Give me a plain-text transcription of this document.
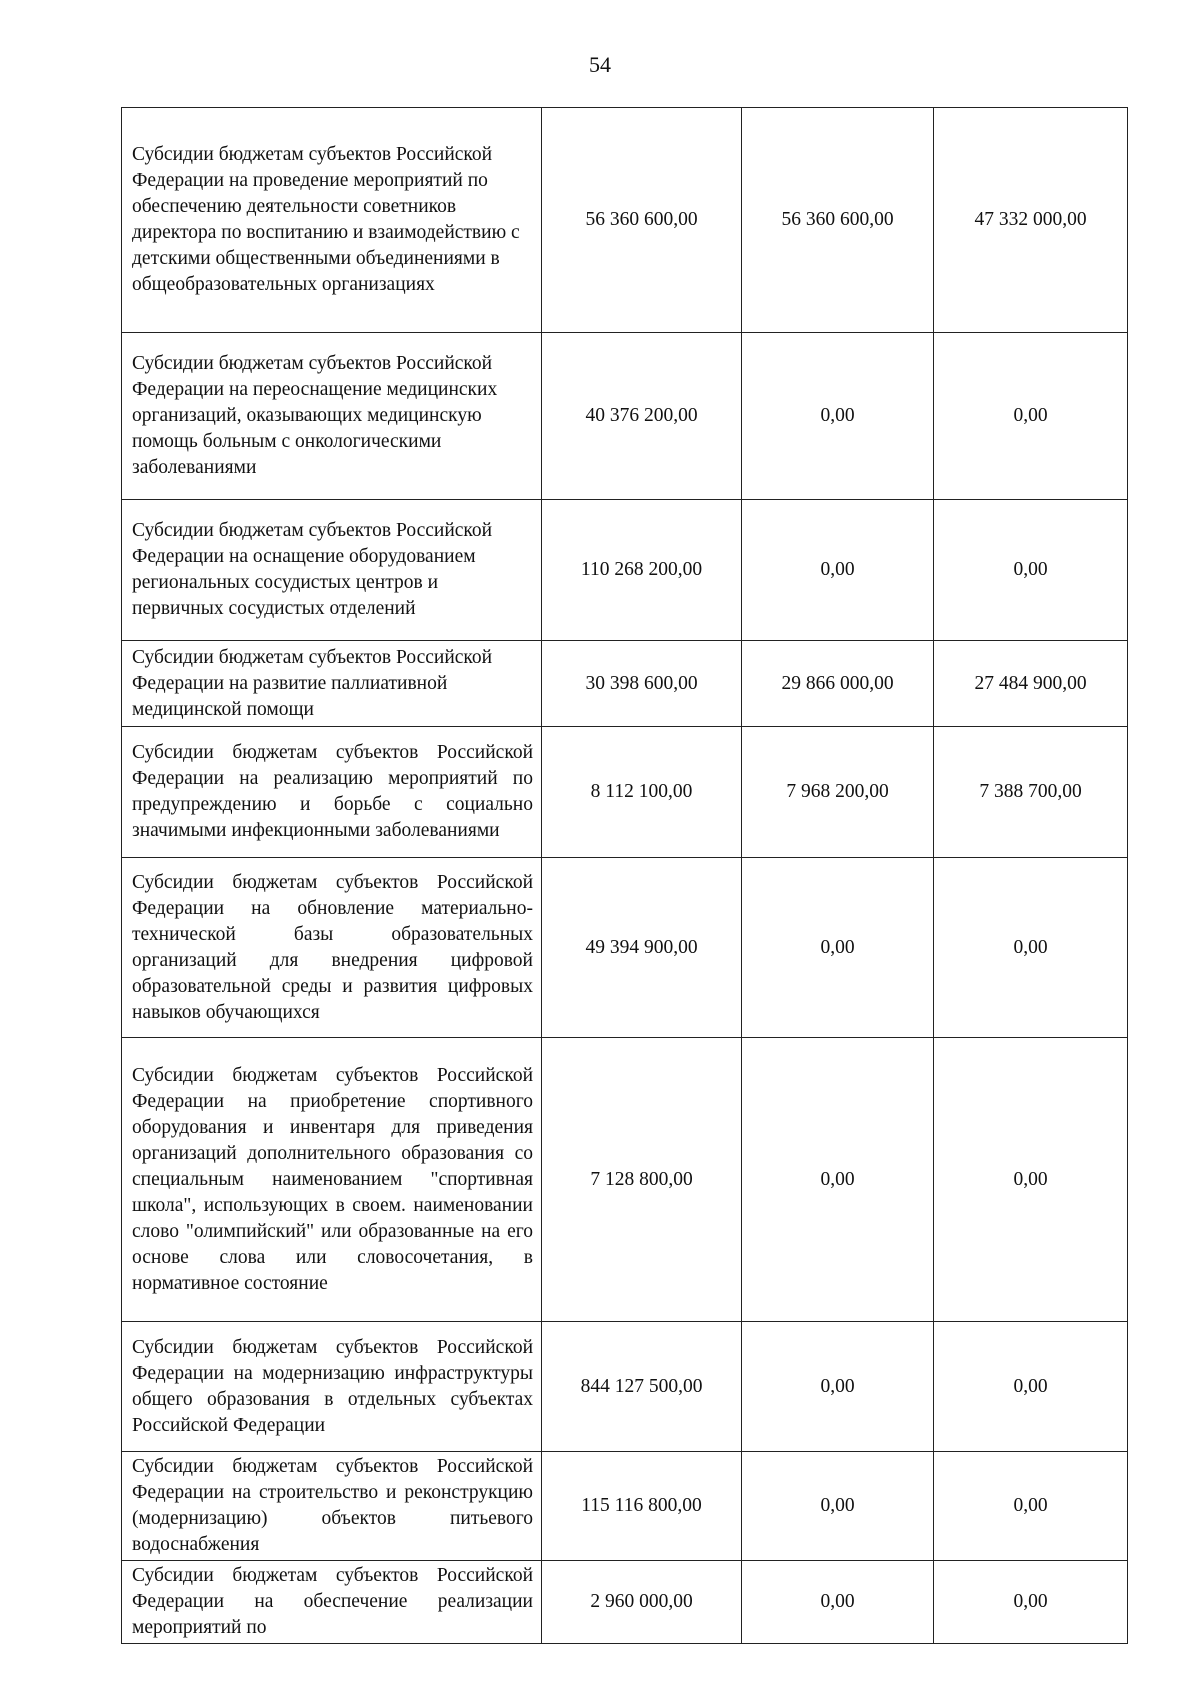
54
Субсидии бюджетам субъектов Российской Федерации на проведение мероприятий по обеспечению деятельности советников директора по воспитанию и взаимодействию с детскими общественными объединениями в общеобразовательных организациях	56 360 600,00	56 360 600,00	47 332 000,00
Субсидии бюджетам субъектов Российской Федерации на переоснащение медицинских организаций, оказывающих медицинскую помощь больным с онкологическими заболеваниями	40 376 200,00	0,00	0,00
Субсидии бюджетам субъектов Российской Федерации на оснащение оборудованием региональных сосудистых центров и первичных сосудистых отделений	110 268 200,00	0,00	0,00
Субсидии бюджетам субъектов Российской Федерации на развитие паллиативной медицинской помощи	30 398 600,00	29 866 000,00	27 484 900,00
Субсидии бюджетам субъектов Российской Федерации на реализацию мероприятий по предупреждению и борьбе с социально значимыми инфекционными заболеваниями	8 112 100,00	7 968 200,00	7 388 700,00
Субсидии бюджетам субъектов Российской Федерации на обновление материально-технической базы образовательных организаций для внедрения цифровой образовательной среды и развития цифровых навыков обучающихся	49 394 900,00	0,00	0,00
Субсидии бюджетам субъектов Российской Федерации на приобретение спортивного оборудования и инвентаря для приведения организаций дополнительного образования со специальным наименованием "спортивная школа", использующих в своем. наименовании слово "олимпийский" или образованные на его основе слова или словосочетания, в нормативное состояние	7 128 800,00	0,00	0,00
Субсидии бюджетам субъектов Российской Федерации на модернизацию инфраструктуры общего образования в отдельных субъектах Российской Федерации	844 127 500,00	0,00	0,00
Субсидии бюджетам субъектов Российской Федерации на строительство и реконструкцию (модернизацию) объектов питьевого водоснабжения	115 116 800,00	0,00	0,00
Субсидии бюджетам субъектов Российской Федерации на обеспечение реализации мероприятий по	2 960 000,00	0,00	0,00
